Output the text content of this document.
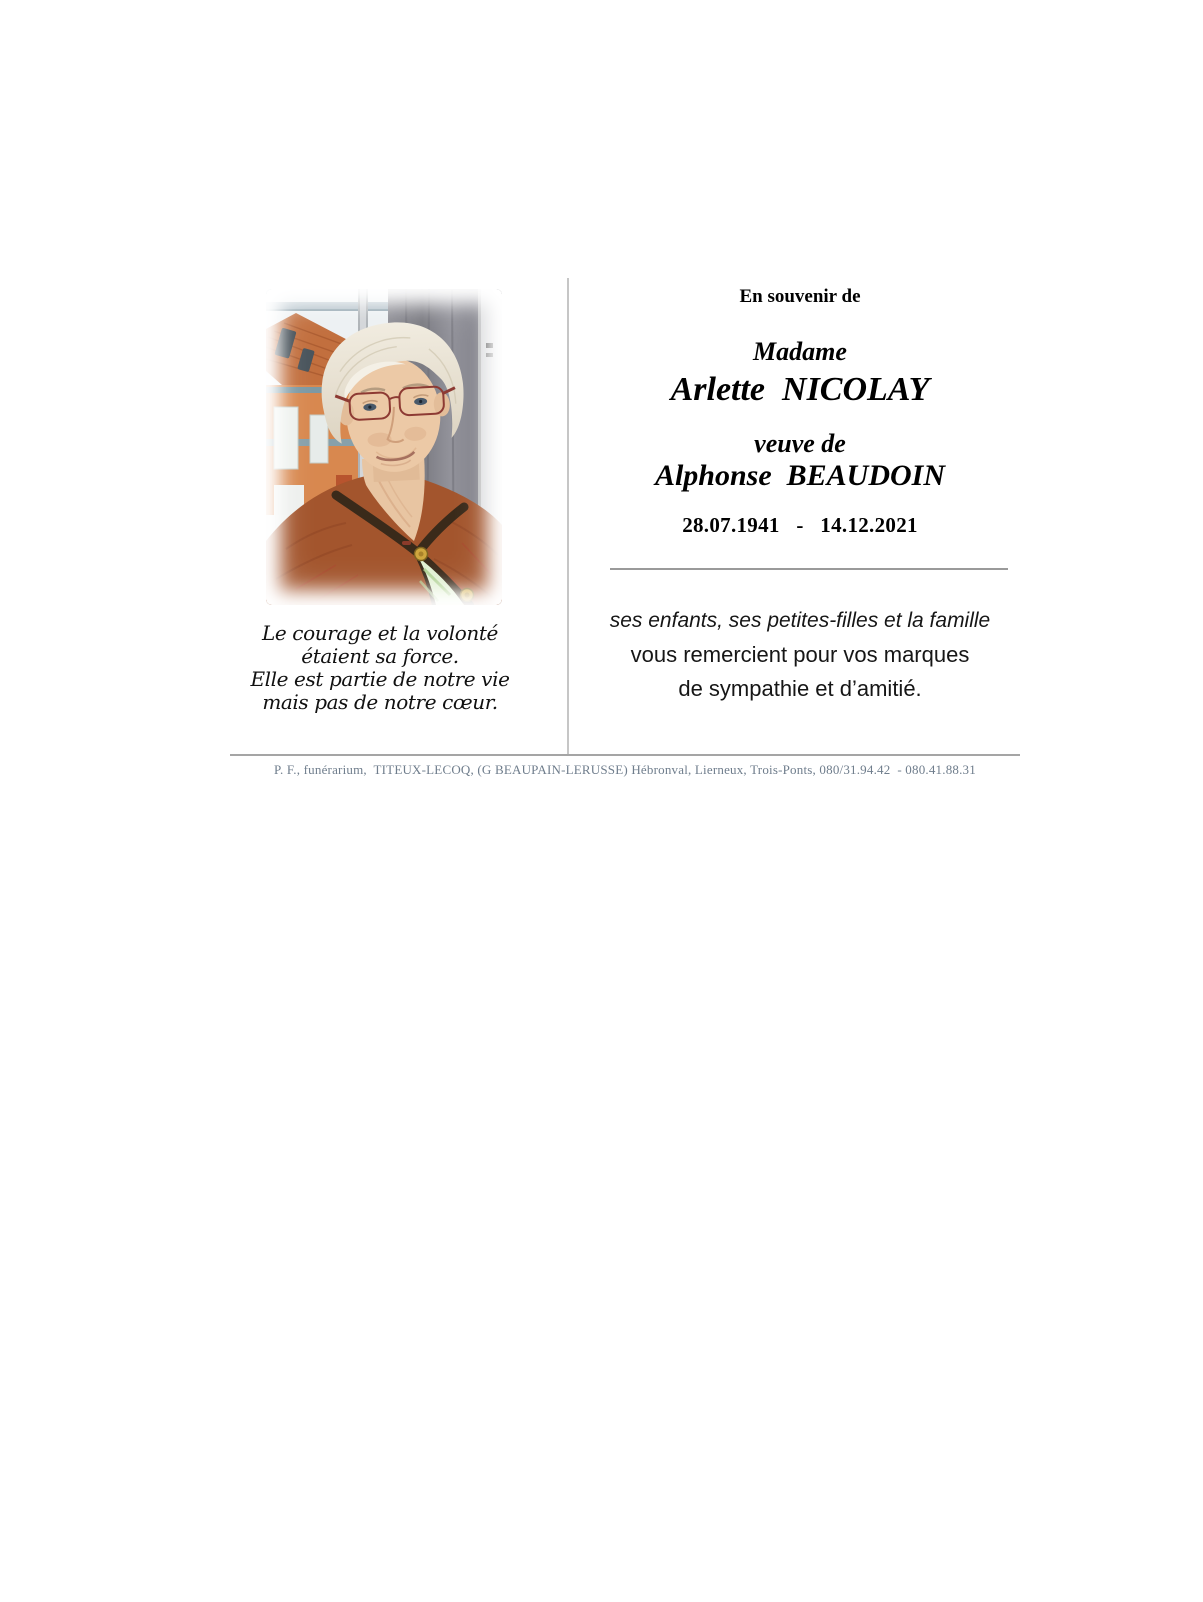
Le courage et la volonté
étaient sa force.
Elle est partie de notre vie
mais pas de notre cœur.
En souvenir de
Madame
Arlette  NICOLAY
veuve de
Alphonse  BEAUDOIN
28.07.1941   -   14.12.2021
ses enfants, ses petites-filles et la famille
vous remercient pour vos marques
de sympathie et d’amitié.
P. F., funérarium,  TITEUX-LECOQ, (G BEAUPAIN-LERUSSE) Hébronval, Lierneux, Trois-Ponts, 080/31.94.42  - 080.41.88.31
